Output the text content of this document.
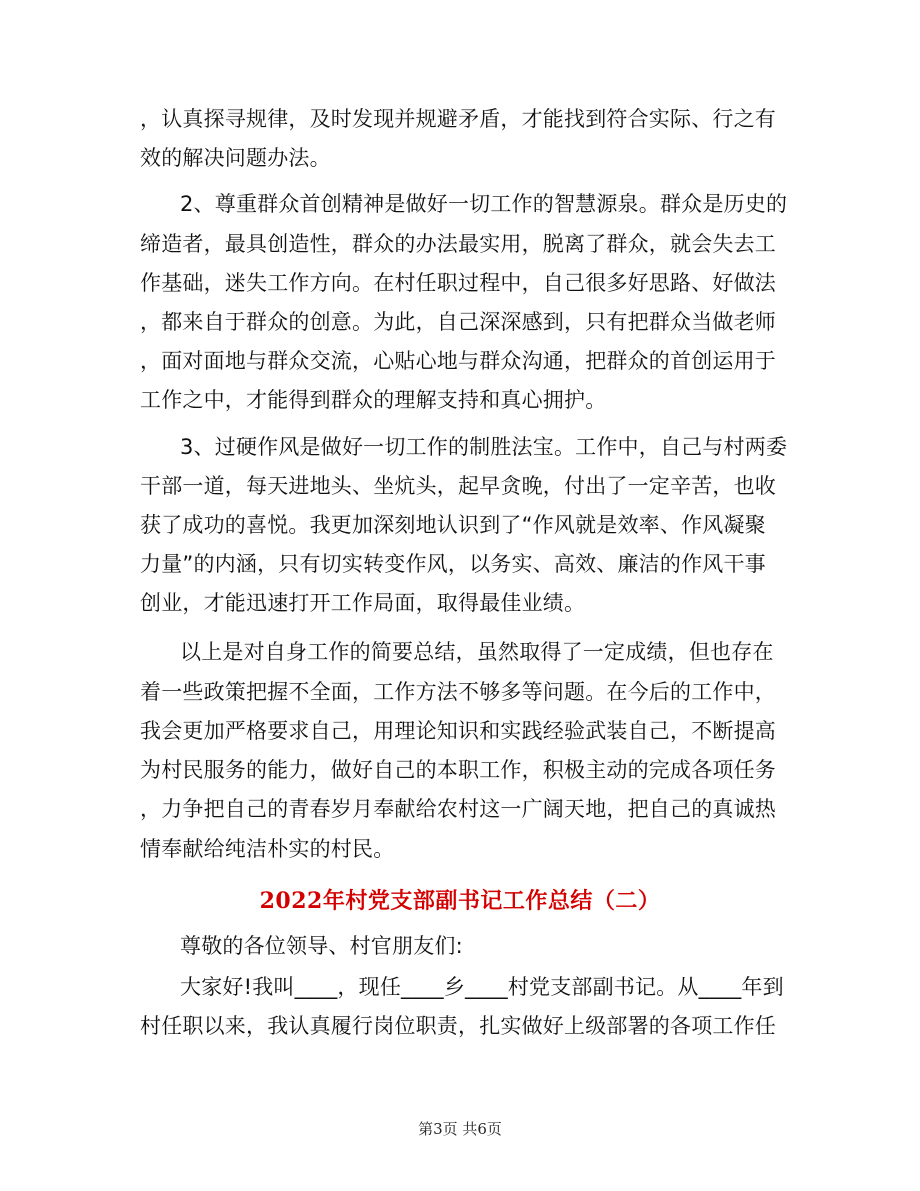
，认真探寻规律，及时发现并规避矛盾，才能找到符合实际、行之有
效的解决问题办法。
2、尊重群众首创精神是做好一切工作的智慧源泉。群众是历史的
缔造者，最具创造性，群众的办法最实用，脱离了群众，就会失去工
作基础，迷失工作方向。在村任职过程中，自己很多好思路、好做法
，都来自于群众的创意。为此，自己深深感到，只有把群众当做老师
，面对面地与群众交流，心贴心地与群众沟通，把群众的首创运用于
工作之中，才能得到群众的理解支持和真心拥护。
3、过硬作风是做好一切工作的制胜法宝。工作中，自己与村两委
干部一道，每天进地头、坐炕头，起早贪晚，付出了一定辛苦，也收
获了成功的喜悦。我更加深刻地认识到了“作风就是效率、作风凝聚
力量”的内涵，只有切实转变作风，以务实、高效、廉洁的作风干事
创业，才能迅速打开工作局面，取得最佳业绩。
以上是对自身工作的简要总结，虽然取得了一定成绩，但也存在
着一些政策把握不全面，工作方法不够多等问题。在今后的工作中，
我会更加严格要求自己，用理论知识和实践经验武装自己，不断提高
为村民服务的能力，做好自己的本职工作，积极主动的完成各项任务
，力争把自己的青春岁月奉献给农村这一广阔天地，把自己的真诚热
情奉献给纯洁朴实的村民。
2022年村党支部副书记工作总结（二）
尊敬的各位领导、村官朋友们:
大家好!我叫____，现任____乡____村党支部副书记。从____年到
村任职以来，我认真履行岗位职责，扎实做好上级部署的各项工作任
第3页 共6页
